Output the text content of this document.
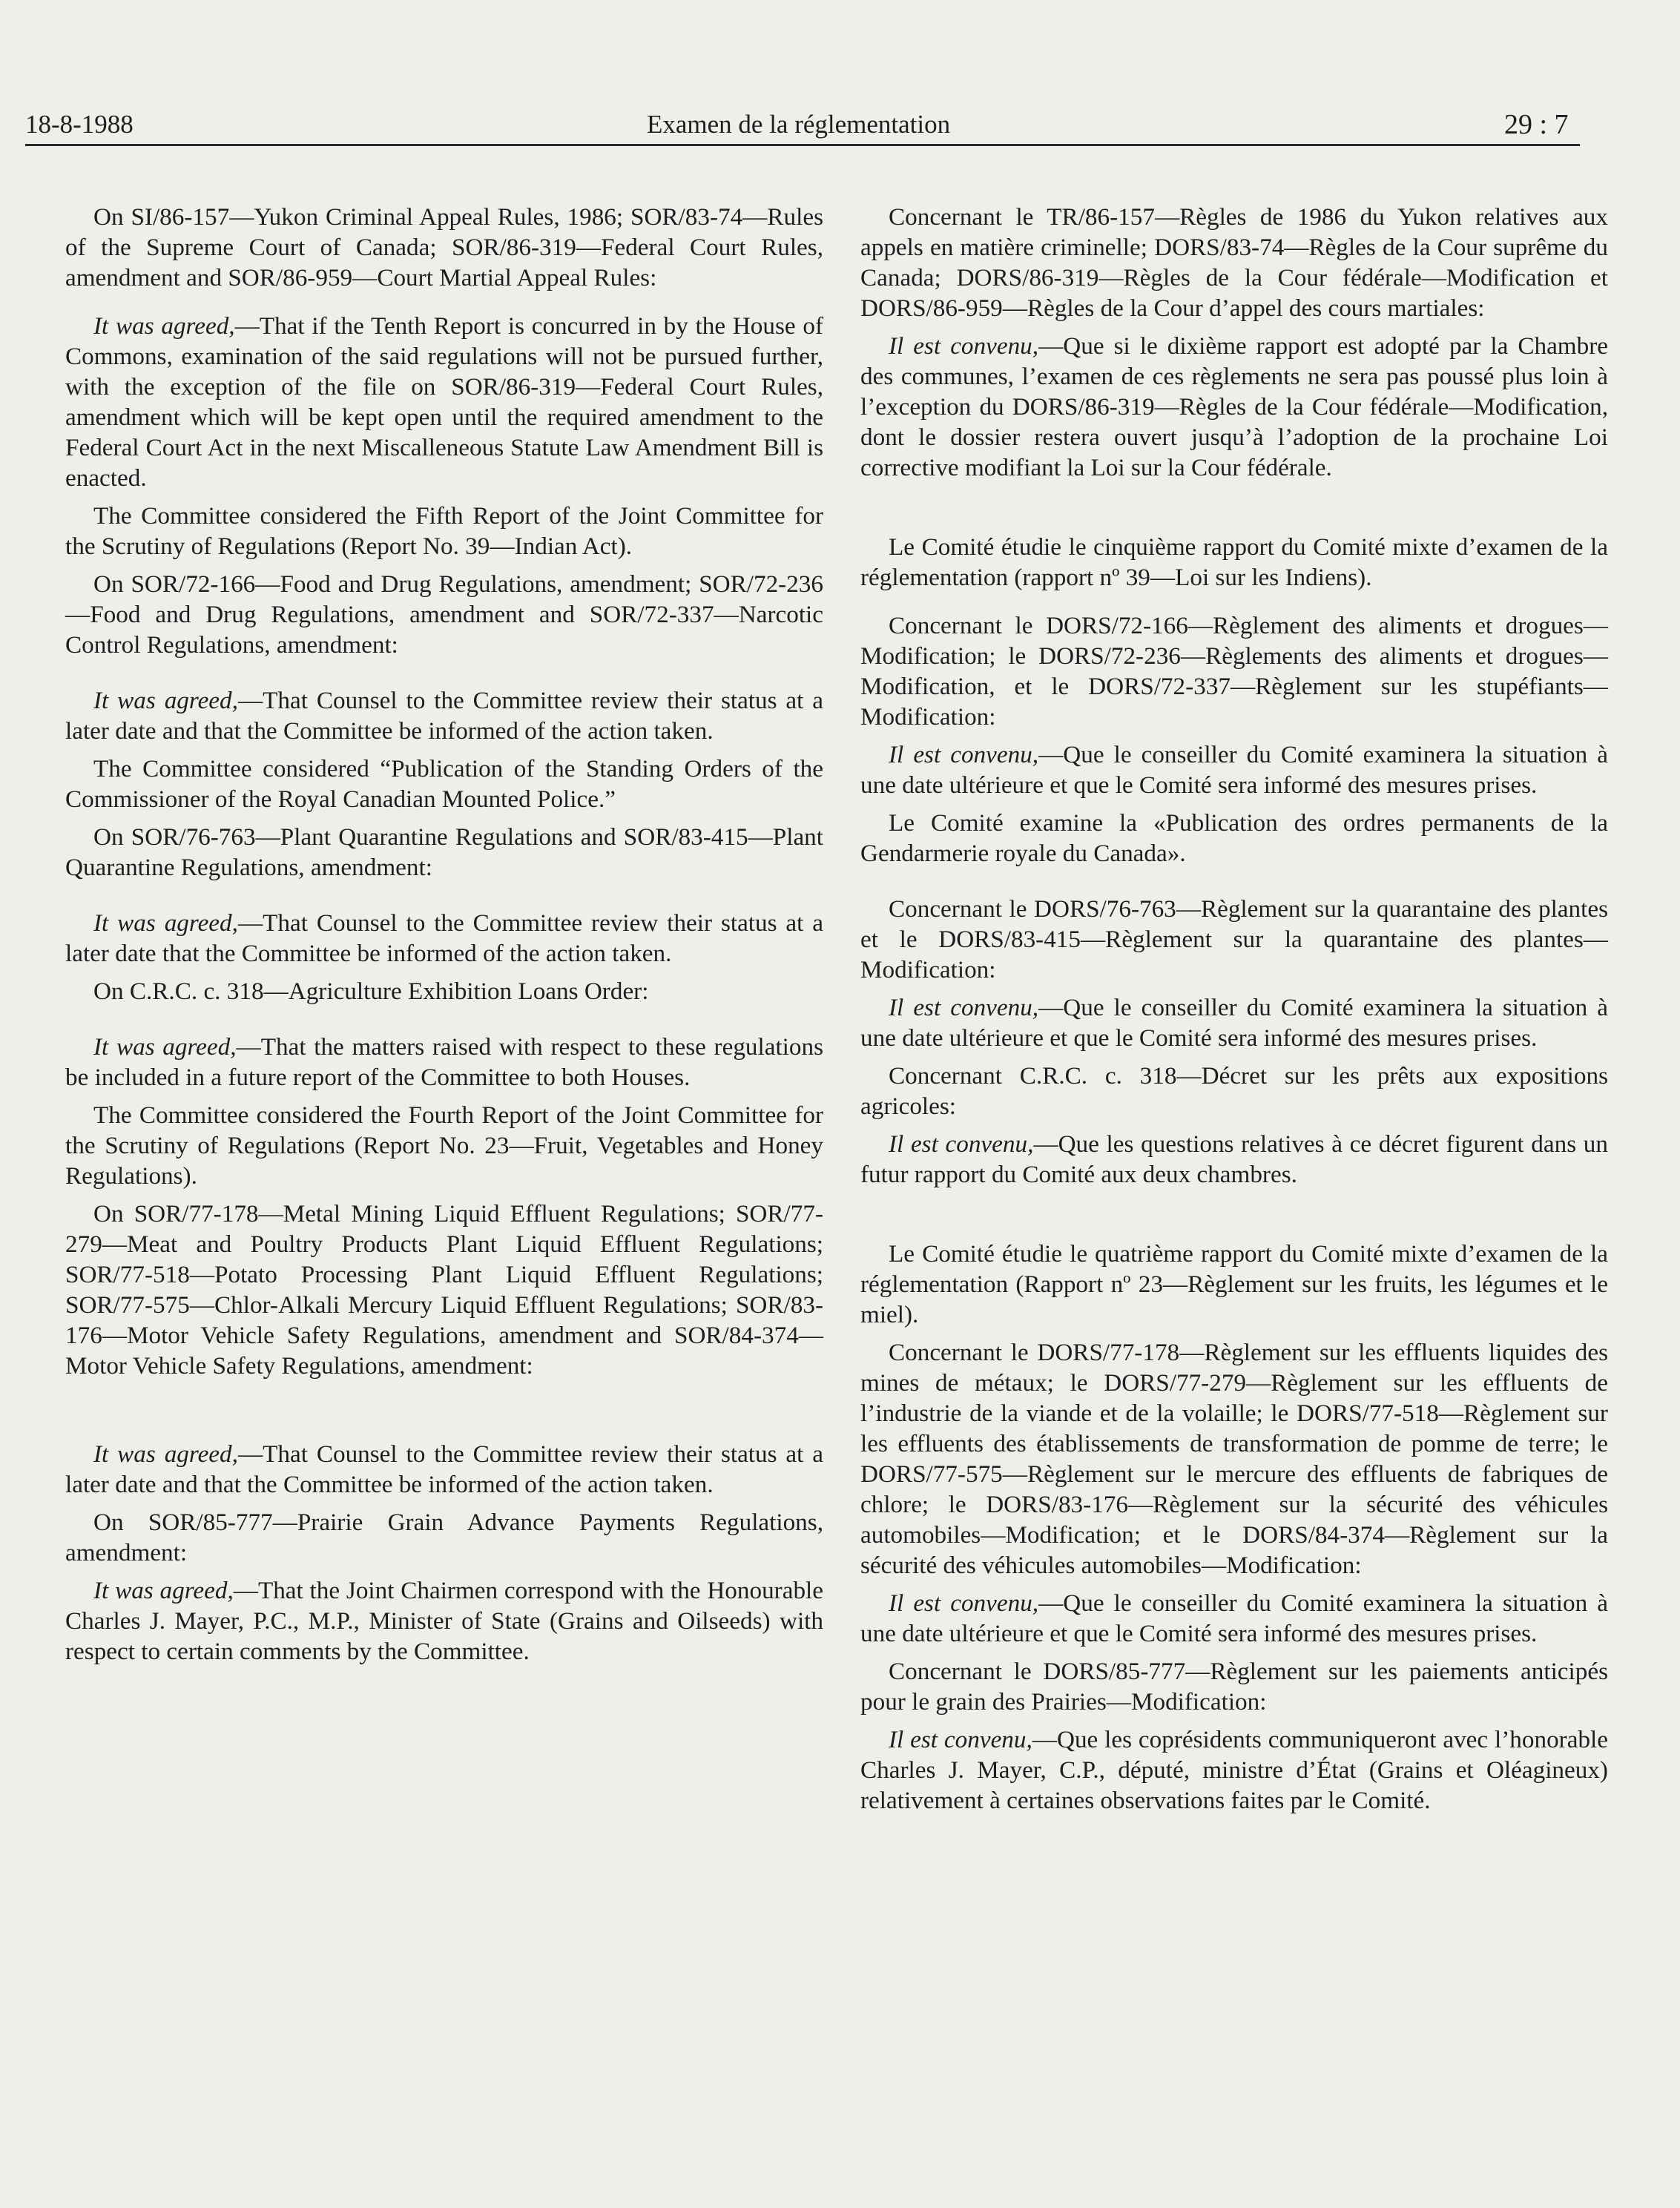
18-8-1988	Examen de la réglementation	29 : 7

On SI/86-157—Yukon Criminal Appeal Rules, 1986; SOR/83-74—Rules of the Supreme Court of Canada; SOR/86-319—Federal Court Rules, amendment and SOR/86-959—Court Martial Appeal Rules:

It was agreed,—That if the Tenth Report is concurred in by the House of Commons, examination of the said regulations will not be pursued further, with the exception of the file on SOR/86-319—Federal Court Rules, amendment which will be kept open until the required amendment to the Federal Court Act in the next Miscalleneous Statute Law Amendment Bill is enacted.

The Committee considered the Fifth Report of the Joint Committee for the Scrutiny of Regulations (Report No. 39—Indian Act).

On SOR/72-166—Food and Drug Regulations, amendment; SOR/72-236—Food and Drug Regulations, amendment and SOR/72-337—Narcotic Control Regulations, amendment:

It was agreed,—That Counsel to the Committee review their status at a later date and that the Committee be informed of the action taken.

The Committee considered “Publication of the Standing Orders of the Commissioner of the Royal Canadian Mounted Police.”

On SOR/76-763—Plant Quarantine Regulations and SOR/83-415—Plant Quarantine Regulations, amendment:

It was agreed,—That Counsel to the Committee review their status at a later date that the Committee be informed of the action taken.

On C.R.C. c. 318—Agriculture Exhibition Loans Order:

It was agreed,—That the matters raised with respect to these regulations be included in a future report of the Committee to both Houses.

The Committee considered the Fourth Report of the Joint Committee for the Scrutiny of Regulations (Report No. 23—Fruit, Vegetables and Honey Regulations).

On SOR/77-178—Metal Mining Liquid Effluent Regulations; SOR/77-279—Meat and Poultry Products Plant Liquid Effluent Regulations; SOR/77-518—Potato Processing Plant Liquid Effluent Regulations; SOR/77-575—Chlor-Alkali Mercury Liquid Effluent Regulations; SOR/83-176—Motor Vehicle Safety Regulations, amendment and SOR/84-374—Motor Vehicle Safety Regulations, amendment:

It was agreed,—That Counsel to the Committee review their status at a later date and that the Committee be informed of the action taken.

On SOR/85-777—Prairie Grain Advance Payments Regulations, amendment:

It was agreed,—That the Joint Chairmen correspond with the Honourable Charles J. Mayer, P.C., M.P., Minister of State (Grains and Oilseeds) with respect to certain comments by the Committee.

Concernant le TR/86-157—Règles de 1986 du Yukon relatives aux appels en matière criminelle; DORS/83-74—Règles de la Cour suprême du Canada; DORS/86-319—Règles de la Cour fédérale—Modification et DORS/86-959—Règles de la Cour d’appel des cours martiales:

Il est convenu,—Que si le dixième rapport est adopté par la Chambre des communes, l’examen de ces règlements ne sera pas poussé plus loin à l’exception du DORS/86-319—Règles de la Cour fédérale—Modification, dont le dossier restera ouvert jusqu’à l’adoption de la prochaine Loi corrective modifiant la Loi sur la Cour fédérale.

Le Comité étudie le cinquième rapport du Comité mixte d’examen de la réglementation (rapport nº 39—Loi sur les Indiens).

Concernant le DORS/72-166—Règlement des aliments et drogues—Modification; le DORS/72-236—Règlements des aliments et drogues—Modification, et le DORS/72-337—Règlement sur les stupéfiants—Modification:

Il est convenu,—Que le conseiller du Comité examinera la situation à une date ultérieure et que le Comité sera informé des mesures prises.

Le Comité examine la «Publication des ordres permanents de la Gendarmerie royale du Canada».

Concernant le DORS/76-763—Règlement sur la quarantaine des plantes et le DORS/83-415—Règlement sur la quarantaine des plantes—Modification:

Il est convenu,—Que le conseiller du Comité examinera la situation à une date ultérieure et que le Comité sera informé des mesures prises.

Concernant C.R.C. c. 318—Décret sur les prêts aux expositions agricoles:

Il est convenu,—Que les questions relatives à ce décret figurent dans un futur rapport du Comité aux deux chambres.

Le Comité étudie le quatrième rapport du Comité mixte d’examen de la réglementation (Rapport nº 23—Règlement sur les fruits, les légumes et le miel).

Concernant le DORS/77-178—Règlement sur les effluents liquides des mines de métaux; le DORS/77-279—Règlement sur les effluents de l’industrie de la viande et de la volaille; le DORS/77-518—Règlement sur les effluents des établissements de transformation de pomme de terre; le DORS/77-575—Règlement sur le mercure des effluents de fabriques de chlore; le DORS/83-176—Règlement sur la sécurité des véhicules automobiles—Modification; et le DORS/84-374—Règlement sur la sécurité des véhicules automobiles—Modification:

Il est convenu,—Que le conseiller du Comité examinera la situation à une date ultérieure et que le Comité sera informé des mesures prises.

Concernant le DORS/85-777—Règlement sur les paiements anticipés pour le grain des Prairies—Modification:

Il est convenu,—Que les coprésidents communiqueront avec l’honorable Charles J. Mayer, C.P., député, ministre d’État (Grains et Oléagineux) relativement à certaines observations faites par le Comité.
